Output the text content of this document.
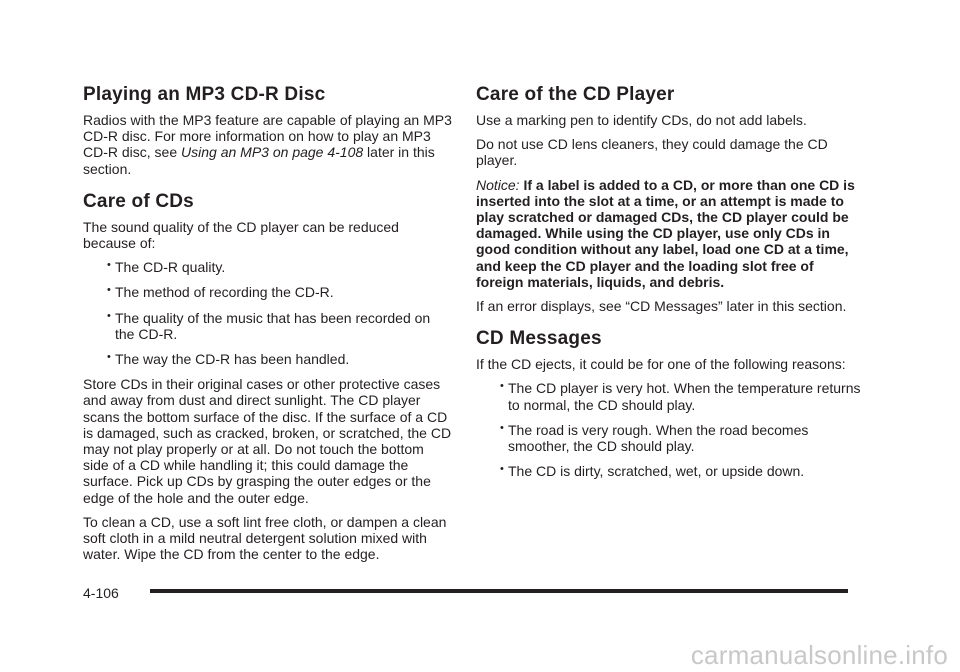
Playing an MP3 CD-R Disc

Radios with the MP3 feature are capable of playing an MP3 CD-R disc. For more information on how to play an MP3 CD-R disc, see Using an MP3 on page 4-108 later in this section.

Care of CDs

The sound quality of the CD player can be reduced because of:

• The CD-R quality.
• The method of recording the CD-R.
• The quality of the music that has been recorded on the CD-R.
• The way the CD-R has been handled.

Store CDs in their original cases or other protective cases and away from dust and direct sunlight. The CD player scans the bottom surface of the disc. If the surface of a CD is damaged, such as cracked, broken, or scratched, the CD may not play properly or at all. Do not touch the bottom side of a CD while handling it; this could damage the surface. Pick up CDs by grasping the outer edges or the edge of the hole and the outer edge.

To clean a CD, use a soft lint free cloth, or dampen a clean soft cloth in a mild neutral detergent solution mixed with water. Wipe the CD from the center to the edge.

Care of the CD Player

Use a marking pen to identify CDs, do not add labels.

Do not use CD lens cleaners, they could damage the CD player.

Notice: If a label is added to a CD, or more than one CD is inserted into the slot at a time, or an attempt is made to play scratched or damaged CDs, the CD player could be damaged. While using the CD player, use only CDs in good condition without any label, load one CD at a time, and keep the CD player and the loading slot free of foreign materials, liquids, and debris.

If an error displays, see “CD Messages” later in this section.

CD Messages

If the CD ejects, it could be for one of the following reasons:

• The CD player is very hot. When the temperature returns to normal, the CD should play.
• The road is very rough. When the road becomes smoother, the CD should play.
• The CD is dirty, scratched, wet, or upside down.
4-106
carmanualsonline.info
